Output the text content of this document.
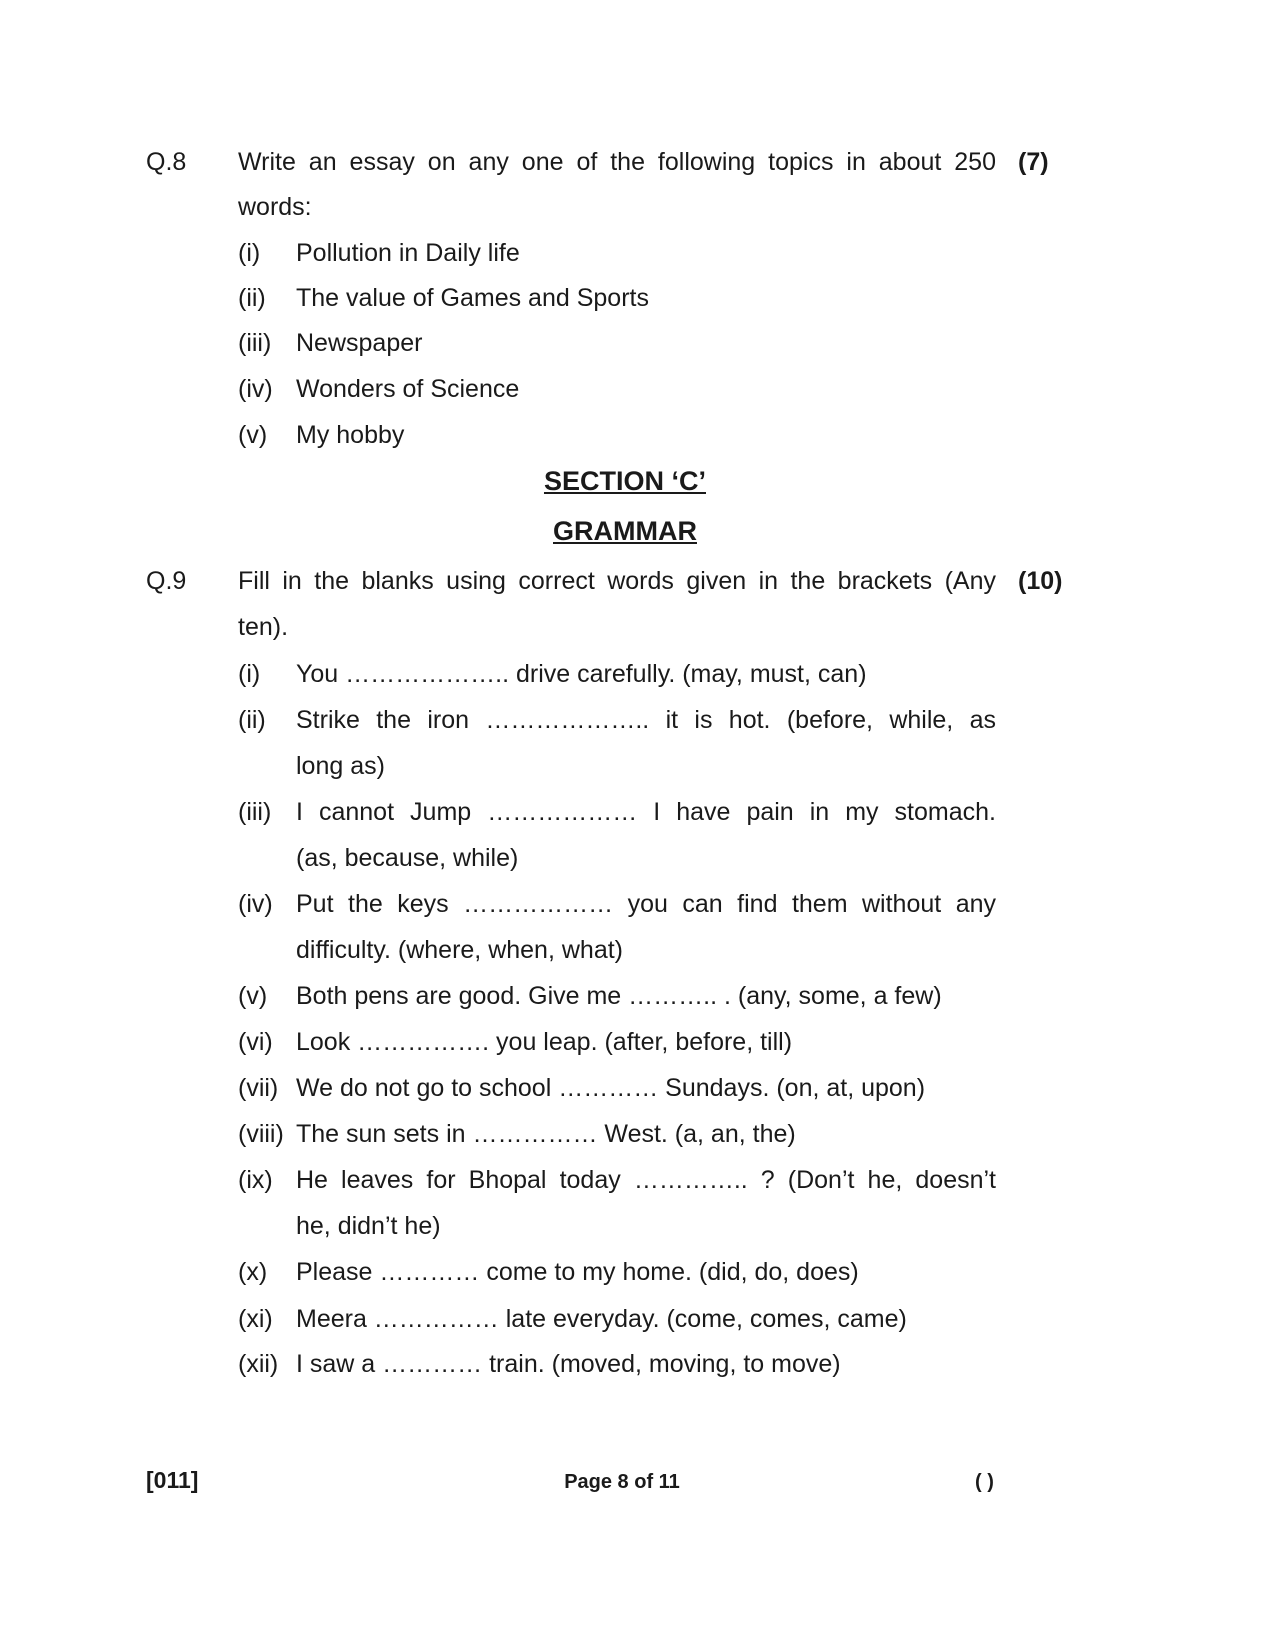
Q.8 Write an essay on any one of the following topics in about 250 (7)
words:
(i) Pollution in Daily life
(ii) The value of Games and Sports
(iii) Newspaper
(iv) Wonders of Science
(v) My hobby
SECTION ‘C’
GRAMMAR
Q.9 Fill in the blanks using correct words given in the brackets (Any (10)
ten).
(i) You ……………….. drive carefully. (may, must, can)
(ii) Strike the iron ……………….. it is hot. (before, while, as
long as)
(iii) I cannot Jump ……………… I have pain in my stomach.
(as, because, while)
(iv) Put the keys ……………… you can find them without any
difficulty. (where, when, what)
(v) Both pens are good. Give me ……….. . (any, some, a few)
(vi) Look ……………. you leap. (after, before, till)
(vii) We do not go to school ………… Sundays. (on, at, upon)
(viii) The sun sets in …………… West. (a, an, the)
(ix) He leaves for Bhopal today ………….. ? (Don’t he, doesn’t
he, didn’t he)
(x) Please ………… come to my home. (did, do, does)
(xi) Meera …………… late everyday. (come, comes, came)
(xii) I saw a ………… train. (moved, moving, to move)
[011]	Page 8 of 11	( )
